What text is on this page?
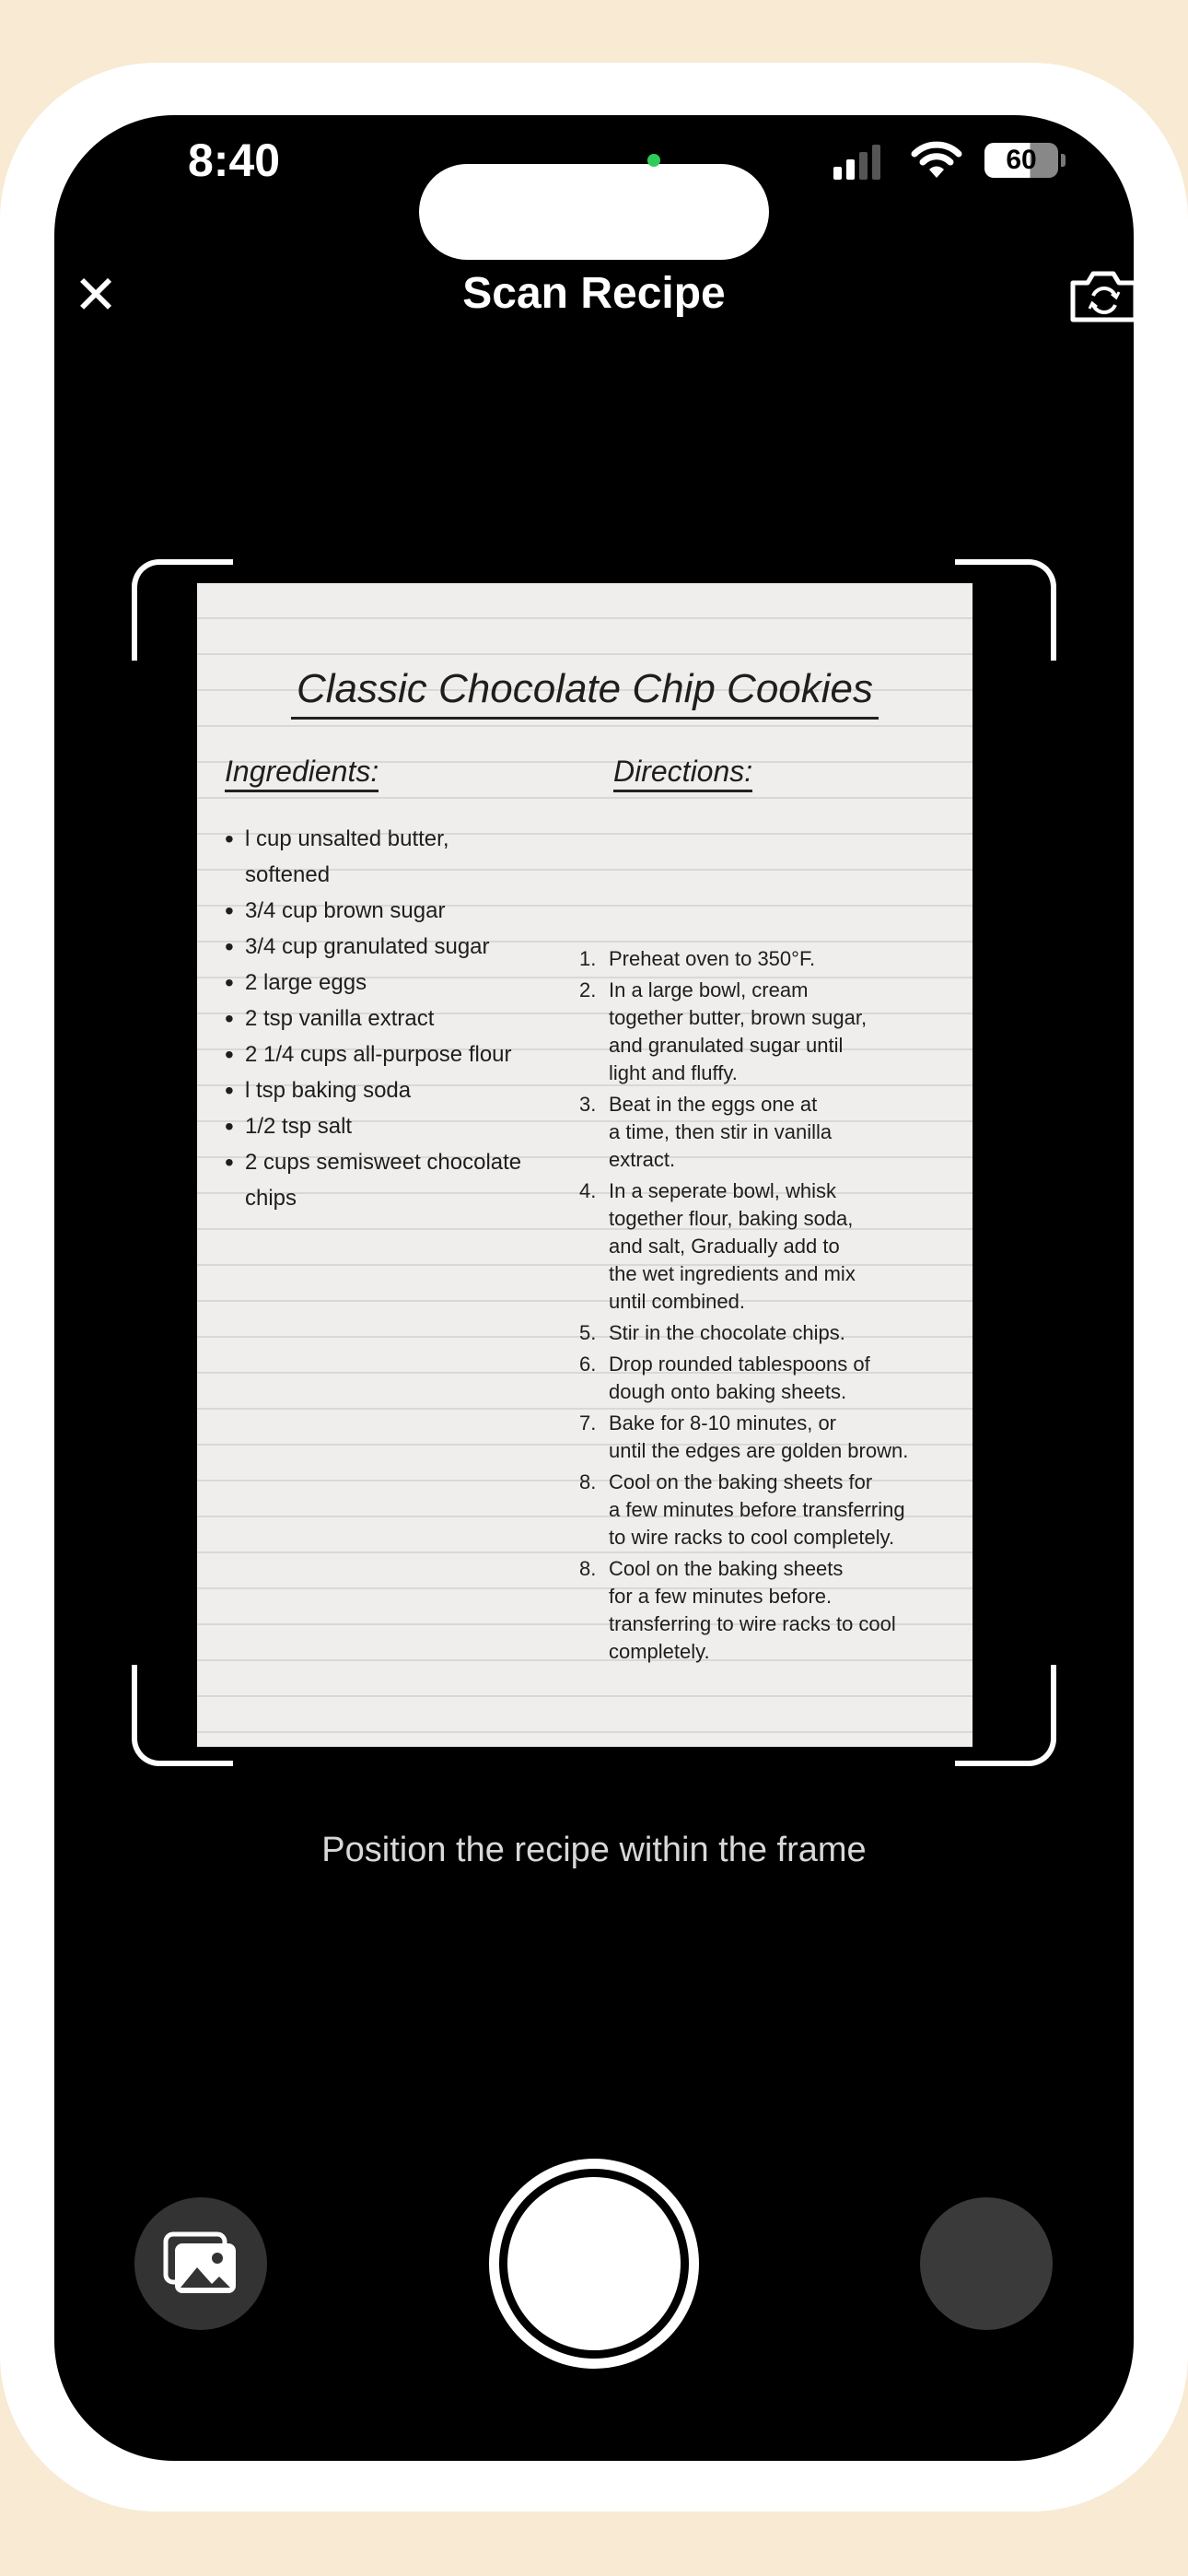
8:40	60
✕	Scan Recipe
Classic Chocolate Chip Cookies
Ingredients:	Directions:
• l cup unsalted butter,
softened
• 3/4 cup brown sugar
• 3/4 cup granulated sugar
• 2 large eggs
• 2 tsp vanilla extract
• 2 1/4 cups all-purpose flour
• l tsp baking soda
• 1/2 tsp salt
• 2 cups semisweet chocolate chips
1. Preheat oven to 350°F.
2. In a large bowl, cream
together butter, brown sugar,
and granulated sugar until
light and fluffy.
3. Beat in the eggs one at
a time, then stir in vanilla
extract.
4. In a seperate bowl, whisk
together flour, baking soda,
and salt, Gradually add to
the wet ingredients and mix
until combined.
5. Stir in the chocolate chips.
6. Drop rounded tablespoons of
dough onto baking sheets.
7. Bake for 8-10 minutes, or
until the edges are golden brown.
8. Cool on the baking sheets for
a few minutes before transferring
to wire racks to cool completely.
8. Cool on the baking sheets
for a few minutes before.
transferring to wire racks to cool
completely.
Position the recipe within the frame
